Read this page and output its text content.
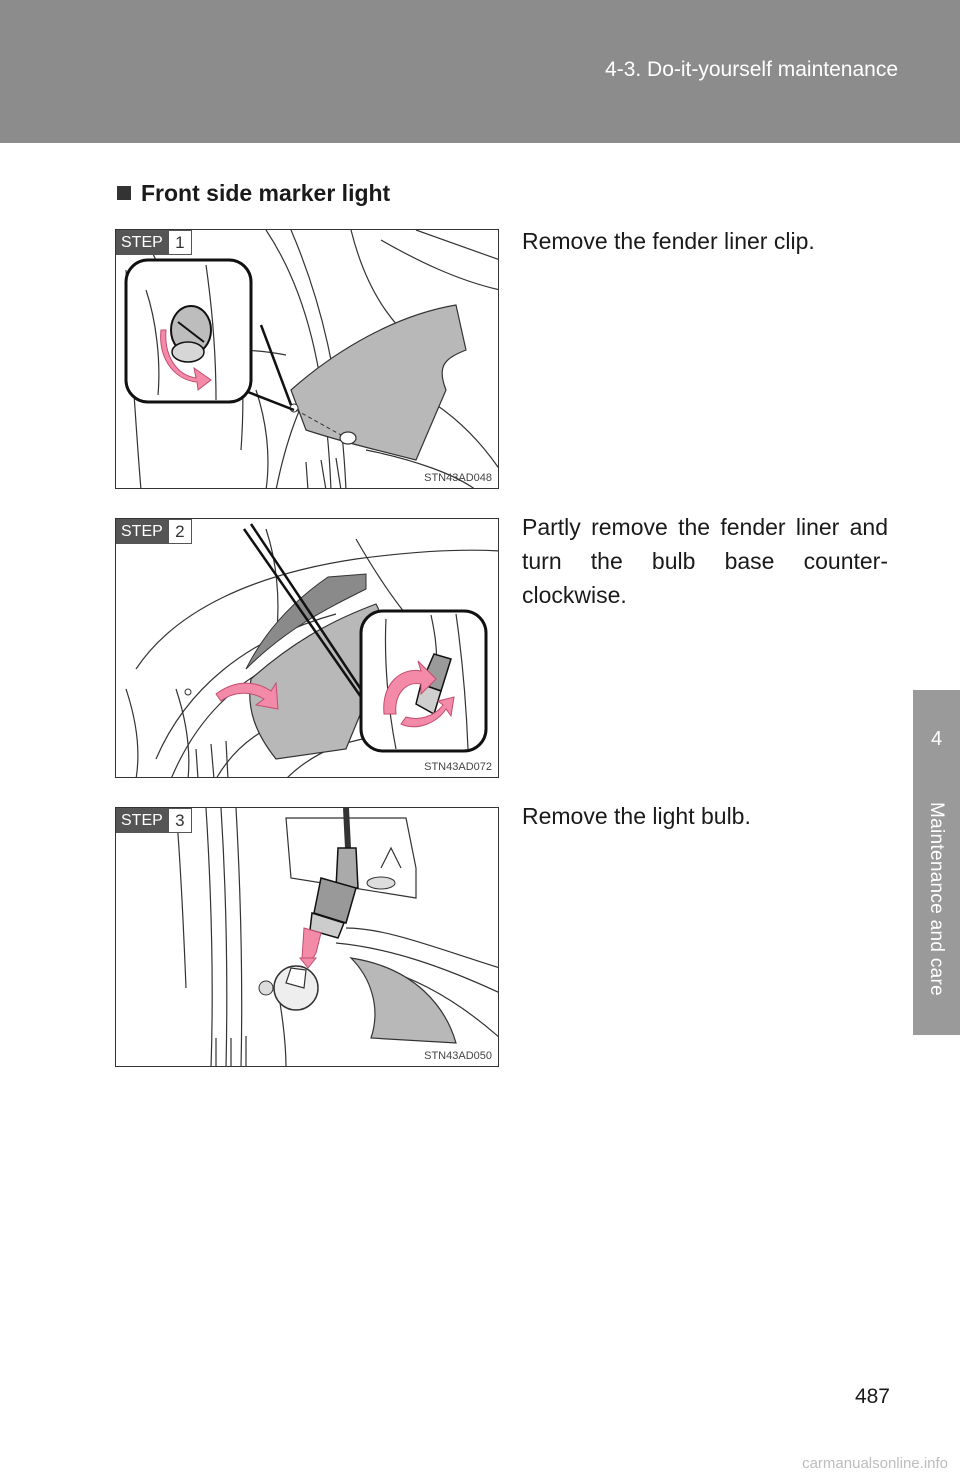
4-3. Do-it-yourself maintenance
4
Maintenance and care
Front side marker light
STEP 1
STN43AD048
Remove the fender liner clip.
STEP 2
STN43AD072
Partly remove the fender liner and turn the bulb base counter-clockwise.
STEP 3
STN43AD050
Remove the light bulb.
487
carmanualsonline.info
